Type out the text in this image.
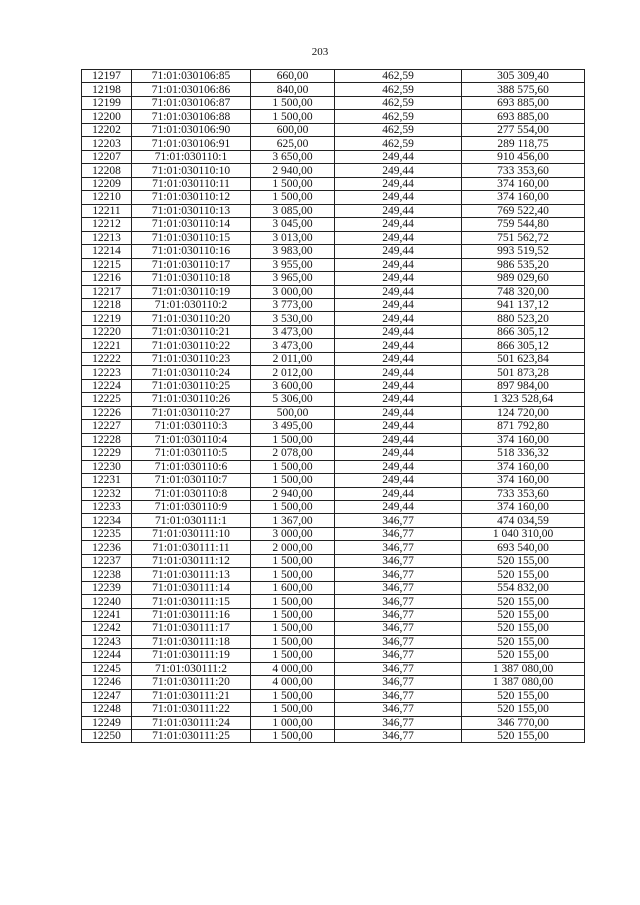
203
12197	71:01:030106:85	660,00	462,59	305 309,40
12198	71:01:030106:86	840,00	462,59	388 575,60
12199	71:01:030106:87	1 500,00	462,59	693 885,00
12200	71:01:030106:88	1 500,00	462,59	693 885,00
12202	71:01:030106:90	600,00	462,59	277 554,00
12203	71:01:030106:91	625,00	462,59	289 118,75
12207	71:01:030110:1	3 650,00	249,44	910 456,00
12208	71:01:030110:10	2 940,00	249,44	733 353,60
12209	71:01:030110:11	1 500,00	249,44	374 160,00
12210	71:01:030110:12	1 500,00	249,44	374 160,00
12211	71:01:030110:13	3 085,00	249,44	769 522,40
12212	71:01:030110:14	3 045,00	249,44	759 544,80
12213	71:01:030110:15	3 013,00	249,44	751 562,72
12214	71:01:030110:16	3 983,00	249,44	993 519,52
12215	71:01:030110:17	3 955,00	249,44	986 535,20
12216	71:01:030110:18	3 965,00	249,44	989 029,60
12217	71:01:030110:19	3 000,00	249,44	748 320,00
12218	71:01:030110:2	3 773,00	249,44	941 137,12
12219	71:01:030110:20	3 530,00	249,44	880 523,20
12220	71:01:030110:21	3 473,00	249,44	866 305,12
12221	71:01:030110:22	3 473,00	249,44	866 305,12
12222	71:01:030110:23	2 011,00	249,44	501 623,84
12223	71:01:030110:24	2 012,00	249,44	501 873,28
12224	71:01:030110:25	3 600,00	249,44	897 984,00
12225	71:01:030110:26	5 306,00	249,44	1 323 528,64
12226	71:01:030110:27	500,00	249,44	124 720,00
12227	71:01:030110:3	3 495,00	249,44	871 792,80
12228	71:01:030110:4	1 500,00	249,44	374 160,00
12229	71:01:030110:5	2 078,00	249,44	518 336,32
12230	71:01:030110:6	1 500,00	249,44	374 160,00
12231	71:01:030110:7	1 500,00	249,44	374 160,00
12232	71:01:030110:8	2 940,00	249,44	733 353,60
12233	71:01:030110:9	1 500,00	249,44	374 160,00
12234	71:01:030111:1	1 367,00	346,77	474 034,59
12235	71:01:030111:10	3 000,00	346,77	1 040 310,00
12236	71:01:030111:11	2 000,00	346,77	693 540,00
12237	71:01:030111:12	1 500,00	346,77	520 155,00
12238	71:01:030111:13	1 500,00	346,77	520 155,00
12239	71:01:030111:14	1 600,00	346,77	554 832,00
12240	71:01:030111:15	1 500,00	346,77	520 155,00
12241	71:01:030111:16	1 500,00	346,77	520 155,00
12242	71:01:030111:17	1 500,00	346,77	520 155,00
12243	71:01:030111:18	1 500,00	346,77	520 155,00
12244	71:01:030111:19	1 500,00	346,77	520 155,00
12245	71:01:030111:2	4 000,00	346,77	1 387 080,00
12246	71:01:030111:20	4 000,00	346,77	1 387 080,00
12247	71:01:030111:21	1 500,00	346,77	520 155,00
12248	71:01:030111:22	1 500,00	346,77	520 155,00
12249	71:01:030111:24	1 000,00	346,77	346 770,00
12250	71:01:030111:25	1 500,00	346,77	520 155,00
